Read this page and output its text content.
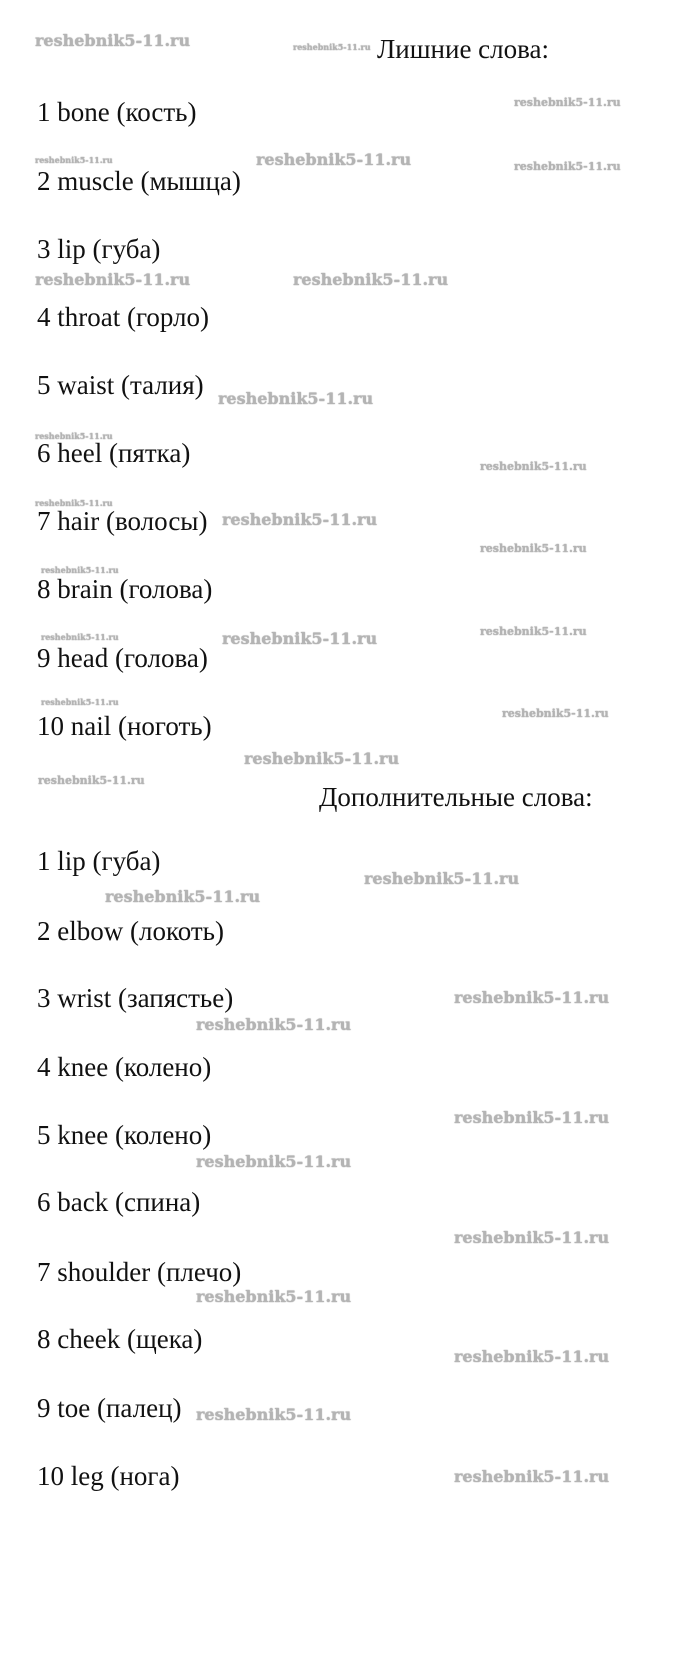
Лишние слова:
Дополнительные слова:
1 bone (кость)
2 muscle (мышца)
3 lip (губа)
4 throat (горло)
5 waist (талия)
6 heel (пятка)
7 hair (волосы)
8 brain (голова)
9 head (голова)
10 nail (ноготь)
1 lip (губа)
2 elbow (локоть)
3 wrist (запястье)
4 knee (колено)
5 knee (колено)
6 back (спина)
7 shoulder (плечо)
8 cheek (щека)
9 toe (палец)
10 leg (нога)
reshebnik5-11.ru
reshebnik5-11.ru
reshebnik5-11.ru	reshebnik5-11.ru
reshebnik5-11.ru
reshebnik5-11.ru
reshebnik5-11.ru
reshebnik5-11.ru
reshebnik5-11.ru
reshebnik5-11.ru
reshebnik5-11.ru
reshebnik5-11.ru
reshebnik5-11.ru
reshebnik5-11.ru
reshebnik5-11.ru
reshebnik5-11.ru
reshebnik5-11.ru
reshebnik5-11.ru
reshebnik5-11.ru
reshebnik5-11.ru
reshebnik5-11.ru
reshebnik5-11.ru
reshebnik5-11.ru
reshebnik5-11.ru
reshebnik5-11.ru
reshebnik5-11.ru
reshebnik5-11.ru
reshebnik5-11.ru
reshebnik5-11.ru
reshebnik5-11.ru
reshebnik5-11.ru
reshebnik5-11.ru
reshebnik5-11.ru
